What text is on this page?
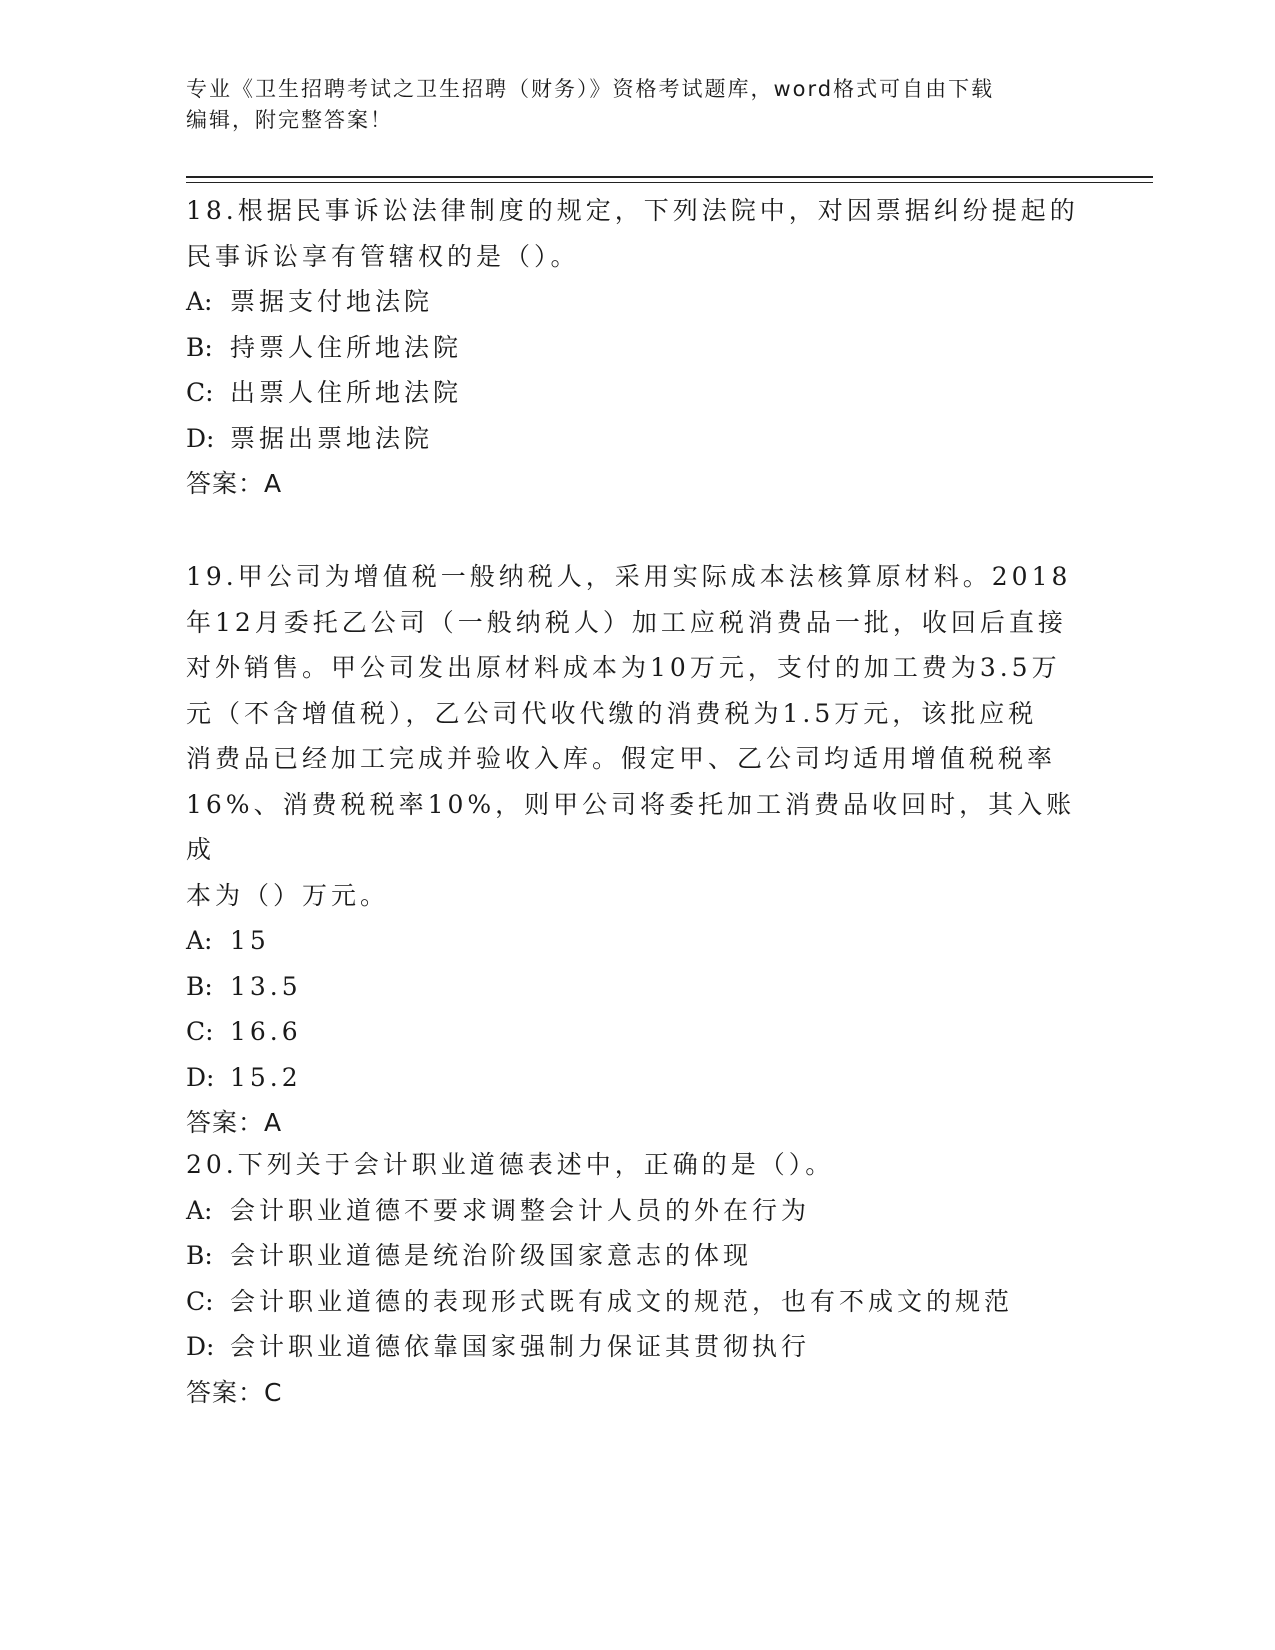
专业《卫生招聘考试之卫生招聘（财务）》资格考试题库，word格式可自由下载
编辑，附完整答案！
18.根据民事诉讼法律制度的规定，下列法院中，对因票据纠纷提起的
民事诉讼享有管辖权的是（）。
A: 票据支付地法院
B: 持票人住所地法院
C: 出票人住所地法院
D: 票据出票地法院
答案：A
19.甲公司为增值税一般纳税人，采用实际成本法核算原材料。2018
年12月委托乙公司（一般纳税人）加工应税消费品一批，收回后直接
对外销售。甲公司发出原材料成本为10万元，支付的加工费为3.5万
元（不含增值税），乙公司代收代缴的消费税为1.5万元，该批应税
消费品已经加工完成并验收入库。假定甲、乙公司均适用增值税税率
16%、消费税税率10%，则甲公司将委托加工消费品收回时，其入账成
本为（）万元。
A: 15
B: 13.5
C: 16.6
D: 15.2
答案：A
20.下列关于会计职业道德表述中，正确的是（）。
A: 会计职业道德不要求调整会计人员的外在行为
B: 会计职业道德是统治阶级国家意志的体现
C: 会计职业道德的表现形式既有成文的规范，也有不成文的规范
D: 会计职业道德依靠国家强制力保证其贯彻执行
答案：C
